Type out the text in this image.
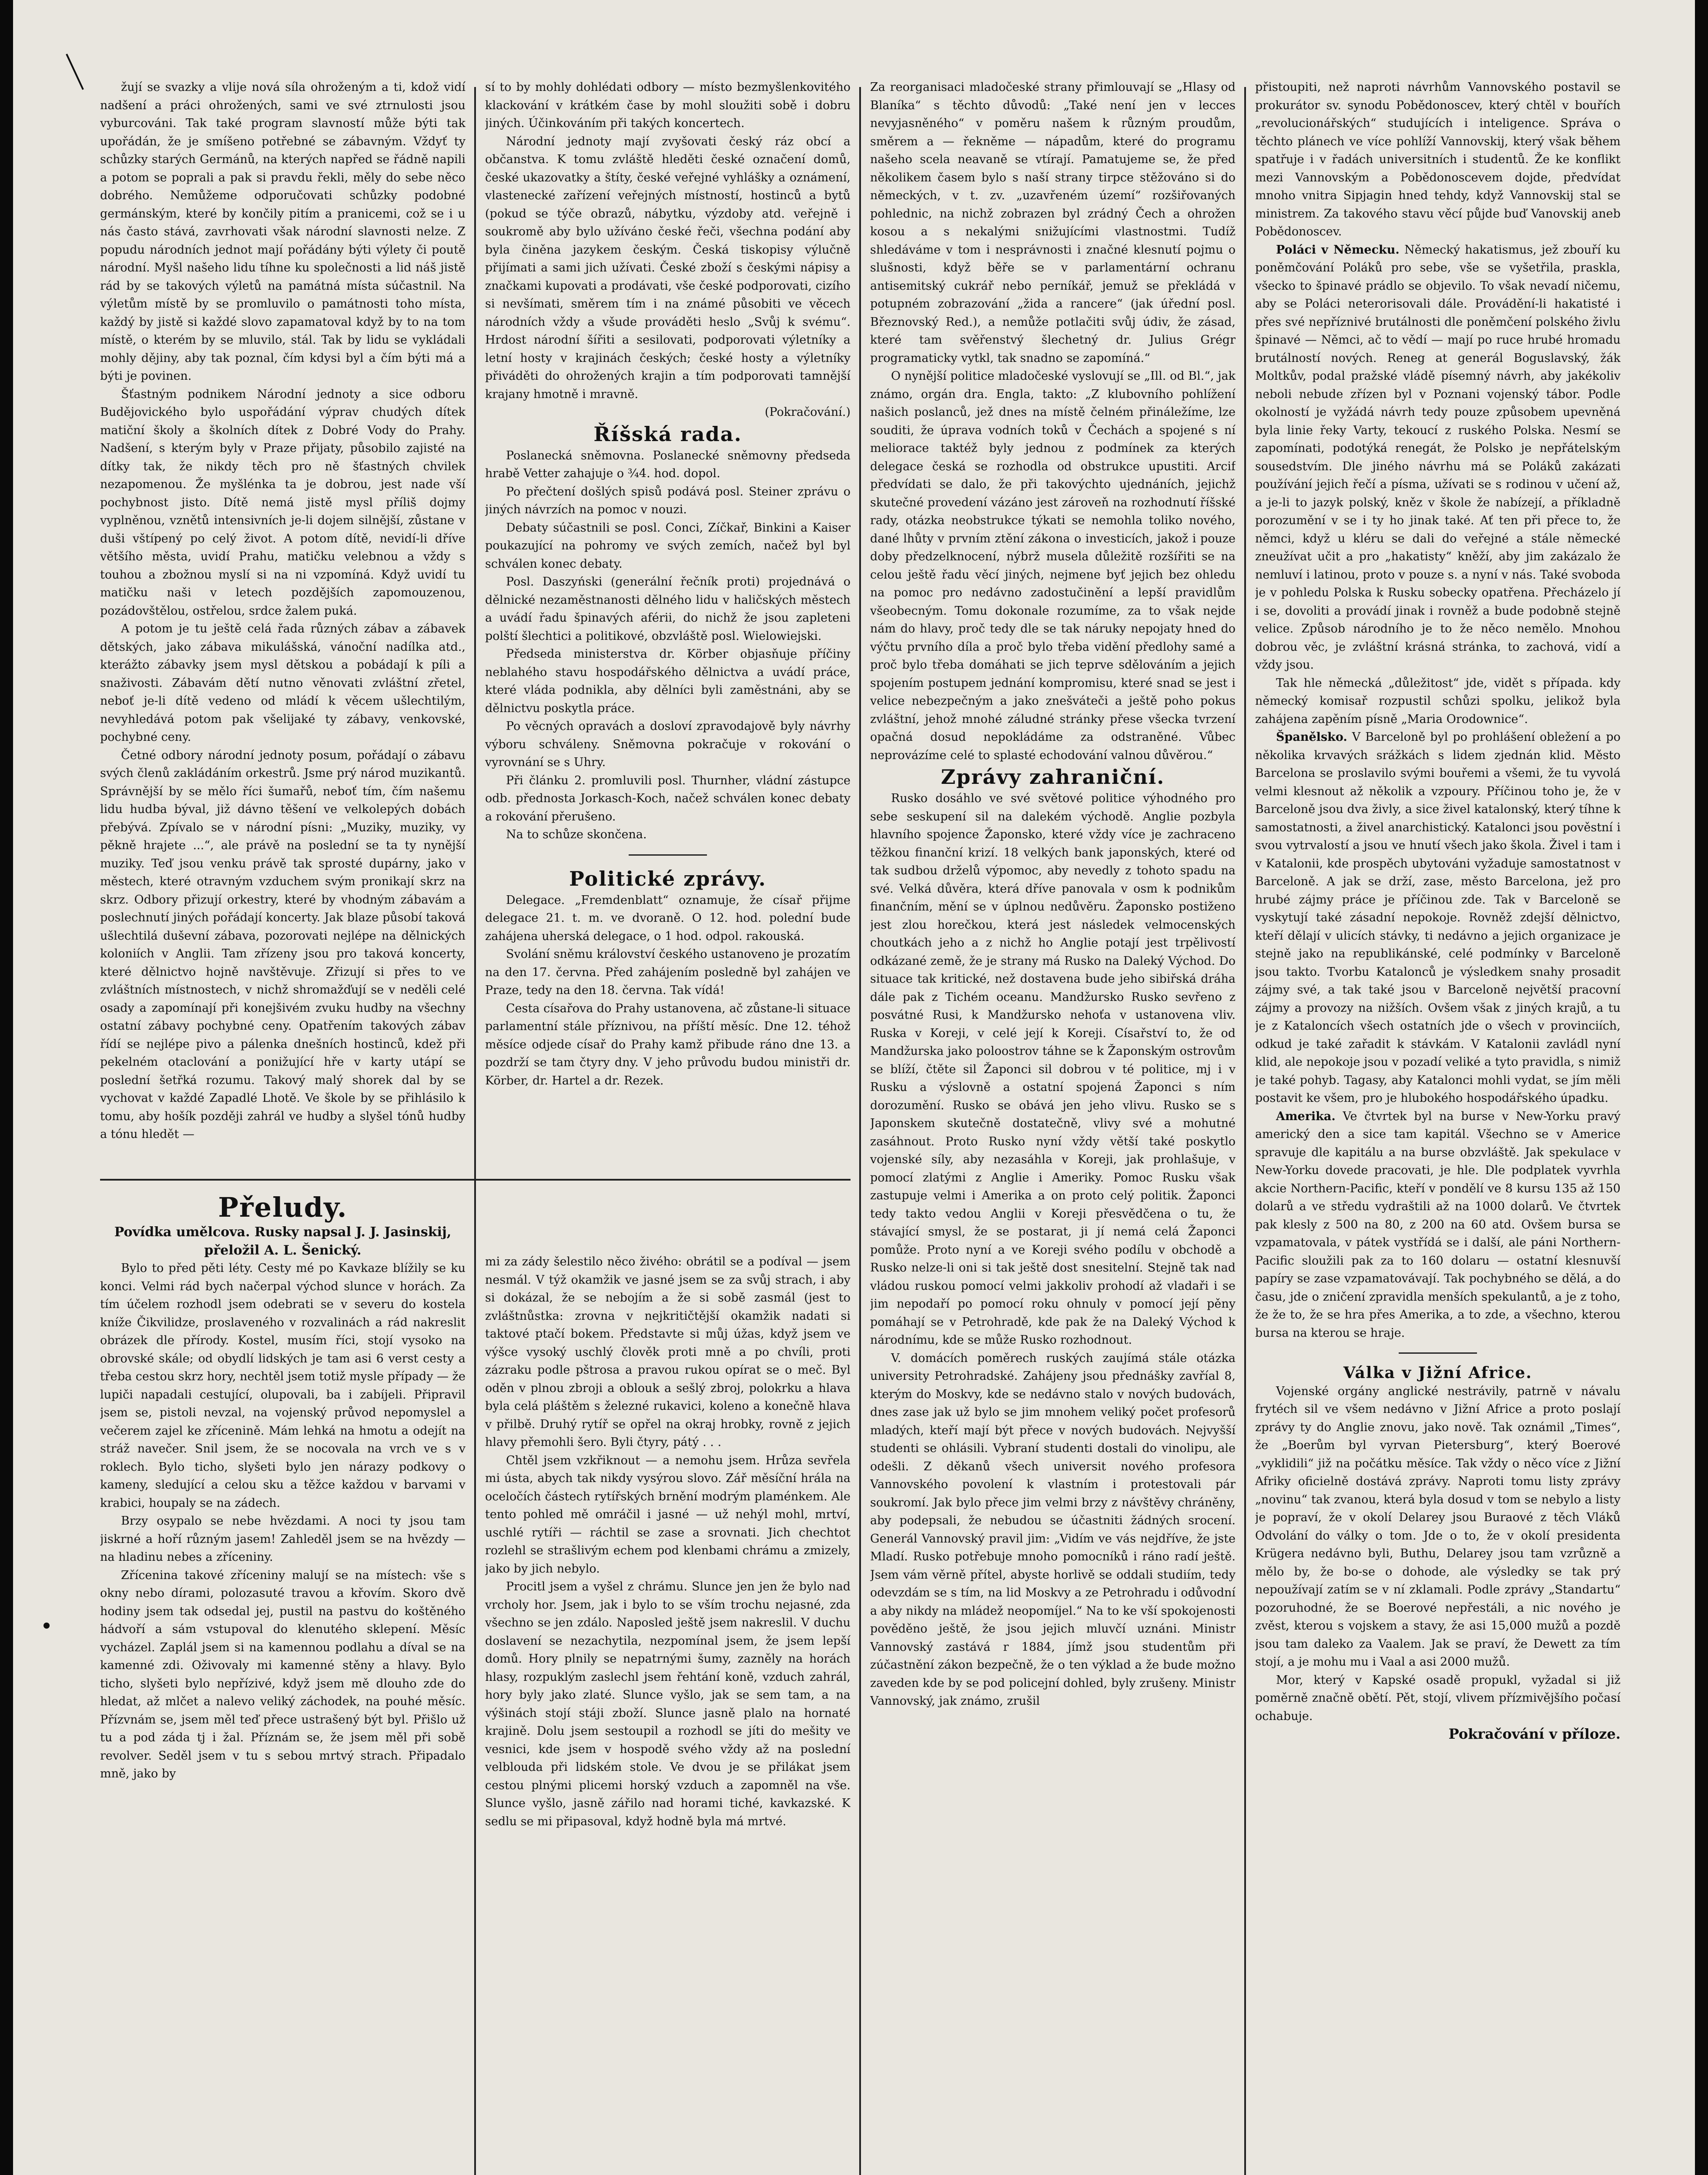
žují se svazky a vlije nová síla ohroženým a ti, kdož vidí nadšení a práci ohrožených, sami ve své ztrnulosti jsou vyburcováni. Tak také program slavností může býti tak upořádán, že je smíšeno potřebné se zábavným. Vždyť ty schůzky starých Germánů, na kterých napřed se řádně napili a potom se poprali a pak si pravdu řekli, měly do sebe něco dobrého. Nemůžeme odporučovati schůzky podobné germánským, které by končily pitím a pranicemi, což se i u nás často stává, zavrhovati však národní slavnosti nelze. Z popudu národních jednot mají pořádány býti výlety či poutě národní. Myšl našeho lidu tíhne ku společnosti a lid náš jistě rád by se takových výletů na památná místa súčastnil. Na výletům místě by se promluvilo o památnosti toho místa, každý by jistě si každé slovo zapamatoval když by to na tom místě, o kterém by se mluvilo, stál. Tak by lidu se vykládali mohly dějiny, aby tak poznal, čím kdysi byl a čím býti má a býti je povinen.

Šťastným podnikem Národní jednoty a sice odboru Budějovického bylo uspořádání výprav chudých dítek matiční školy a školních dítek z Dobré Vody do Prahy. Nadšení, s kterým byly v Praze přijaty, působilo zajisté na dítky tak, že nikdy těch pro ně šťastných chvilek nezapomenou. Že myšlénka ta je dobrou, jest nade vší pochybnost jisto. Dítě nemá jistě mysl příliš dojmy vyplněnou, vznětů intensivních je-li dojem silnější, zůstane v duši vštípený po celý život. A potom dítě, nevidí-li dříve většího města, uvidí Prahu, matičku velebnou a vždy s touhou a zbožnou myslí si na ni vzpomíná. Když uvidí tu matičku naši v letech pozdějších zapomouzenou, pozádovštělou, ostřelou, srdce žalem puká.

A potom je tu ještě celá řada různých zábav a zábavek dětských, jako zábava mikulášská, vánoční nadílka atd., kterážto zábavky jsem mysl dětskou a pobádají k píli a snaživosti. Zábavám dětí nutno věnovati zvláštní zřetel, neboť je-li dítě vedeno od mládí k věcem ušlechtilým, nevyhledává potom pak všelijaké ty zábavy, venkovské, pochybné ceny.

Četné odbory národní jednoty posum, pořádají o zábavu svých členů zakládáním orkestrů. Jsme prý národ muzikantů. Správnější by se mělo říci šumařů, neboť tím, čím našemu lidu hudba býval, již dávno těšení ve velkolepých dobách přebývá. Zpívalo se v národní písni: „Muziky, muziky, vy pěkně hrajete ...“, ale právě na poslední se ta ty nynější muziky. Teď jsou venku právě tak sprosté dupárny, jako v městech, které otravným vzduchem svým pronikají skrz na skrz. Odbory přizují orkestry, které by vhodným zábavám a poslechnutí jiných pořádají koncerty. Jak blaze působí taková ušlechtilá duševní zábava, pozorovati nejlépe na dělnických koloniích v Anglii. Tam zřízeny jsou pro taková koncerty, které dělnictvo hojně navštěvuje. Zřizují si přes to ve zvláštních místnostech, v nichž shromažďují se v neděli celé osady a zapomínají při konejšivém zvuku hudby na všechny ostatní zábavy pochybné ceny. Opatřením takových zábav řídí se nejlépe pivo a pálenka dnešních hostinců, kdež při pekelném otaclování a ponižující hře v karty utápí se poslední šetřká rozumu. Takový malý shorek dal by se vychovat v každé Zapadlé Lhotě. Ve škole by se přihlásilo k tomu, aby hošík později zahrál ve hudby a slyšel tónů hudby a tónu hledět —

Přeludy.

Povídka umělcova. Rusky napsal J. J. Jasinskij, přeložil A. L. Šenický.

Bylo to před pěti léty. Cesty mé po Kavkaze blížily se ku konci. Velmi rád bych načerpal východ slunce v horách. Za tím účelem rozhodl jsem odebrati se v severu do kostela kníže Čikvilidze, proslaveného v rozvalinách a rád nakreslit obrázek dle přírody. Kostel, musím říci, stojí vysoko na obrovské skále; od obydlí lidských je tam asi 6 verst cesty a třeba cestou skrz hory, nechtěl jsem totiž mysle případy — že lupiči napadali cestující, olupovali, ba i zabíjeli. Připravil jsem se, pistoli nevzal, na vojenský průvod nepomyslel a večerem zajel ke zřícenině. Mám lehká na hmotu a odejít na stráž navečer. Snil jsem, že se nocovala na vrch ve s v roklech. Bylo ticho, slyšeti bylo jen nárazy podkovy o kameny, sledující a celou sku a těžce každou v barvami v krabici, houpaly se na zádech.

Brzy osypalo se nebe hvězdami. A noci ty jsou tam jiskrné a hoří různým jasem! Zahleděl jsem se na hvězdy — na hladinu nebes a zříceniny.

Zřícenina takové zříceniny malují se na místech: vše s okny nebo dírami, polozasuté travou a křovím. Skoro dvě hodiny jsem tak odsedal jej, pustil na pastvu do koštěného hádvoří a sám vstupoval do klenutého sklepení. Měsíc vycházel. Zaplál jsem si na kamennou podlahu a díval se na kamenné zdi. Oživovaly mi kamenné stěny a hlavy. Bylo ticho, slyšeti bylo nepřízivé, když jsem mě dlouho zde do hledat, až mlčet a nalevo veliký záchodek, na pouhé měsíc. Přízvnám se, jsem měl teď přece ustrašený být byl. Přišlo už tu a pod záda tj i žal. Příznám se, že jsem měl při sobě revolver. Seděl jsem v tu s sebou mrtvý strach. Připadalo mně, jako by

sí to by mohly dohlédati odbory — místo bezmyšlenkovitého klackování v krátkém čase by mohl sloužiti sobě i dobru jiných. Účinkováním při takých koncertech.

Národní jednoty mají zvyšovati český ráz obcí a občanstva. K tomu zvláště hleděti české označení domů, české ukazovatky a štíty, české veřejné vyhlášky a oznámení, vlastenecké zařízení veřejných místností, hostinců a bytů (pokud se týče obrazů, nábytku, výzdoby atd. veřejně i soukromě aby bylo užíváno české řeči, všechna podání aby byla činěna jazykem českým. Česká tiskopisy výlučně přijímati a sami jich užívati. České zboží s českými nápisy a značkami kupovati a prodávati, vše české podporovati, cizího si nevšímati, směrem tím i na známé působiti ve věcech národních vždy a všude prováděti heslo „Svůj k svému“. Hrdost národní šířiti a sesilovati, podporovati výletníky a letní hosty v krajinách českých; české hosty a výletníky přiváděti do ohrožených krajin a tím podporovati tamnější krajany hmotně i mravně.

(Pokračování.)

Říšská rada.

Poslanecká sněmovna. Poslanecké sněmovny předseda hrabě Vetter zahajuje o ¾4. hod. dopol.

Po přečtení došlých spisů podává posl. Steiner zprávu o jiných návrzích na pomoc v nouzi.

Debaty súčastnili se posl. Conci, Zíčkař, Binkini a Kaiser poukazující na pohromy ve svých zemích, načež byl byl schválen konec debaty.

Posl. Daszyński (generální řečník proti) projednává o dělnické nezaměstnanosti dělného lidu v haličských městech a uvádí řadu špinavých aférii, do nichž že jsou zapleteni polští šlechtici a politikové, obzvláště posl. Wielowiejski.

Předseda ministerstva dr. Körber objasňuje příčiny neblahého stavu hospodářského dělnictva a uvádí práce, které vláda podnikla, aby dělníci byli zaměstnáni, aby se dělnictvu poskytla práce.

Po věcných opravách a dosloví zpravodajově byly návrhy výboru schváleny. Sněmovna pokračuje v rokování o vyrovnání se s Uhry.

Při článku 2. promluvili posl. Thurnher, vládní zástupce odb. přednosta Jorkasch-Koch, načež schválen konec debaty a rokování přerušeno.

Na to schůze skončena.

Politické zprávy.

Delegace. „Fremdenblatt“ oznamuje, že císař přijme delegace 21. t. m. ve dvoraně. O 12. hod. polední bude zahájena uherská delegace, o 1 hod. odpol. rakouská.

Svolání sněmu království českého ustanoveno je prozatím na den 17. června. Před zahájením posledně byl zahájen ve Praze, tedy na den 18. června. Tak vídá!

Cesta císařova do Prahy ustanovena, ač zůstane-li situace parlamentní stále příznivou, na příští měsíc. Dne 12. téhož měsíce odjede císař do Prahy kamž přibude ráno dne 13. a pozdrží se tam čtyry dny. V jeho průvodu budou ministři dr. Körber, dr. Hartel a dr. Rezek.

mi za zády šelestilo něco živého: obrátil se a podíval — jsem nesmál. V týž okamžik ve jasné jsem se za svůj strach, i aby si dokázal, že se nebojím a že si sobě zasmál (jest to zvláštnůstka: zrovna v nejkritičtější okamžik nadati si taktové ptačí bokem. Představte si můj úžas, když jsem ve výšce vysoký uschlý člověk proti mně a po chvíli, proti zázraku podle pštrosa a pravou rukou opírat se o meč. Byl oděn v plnou zbroji a oblouk a sešlý zbroj, polokrku a hlava byla celá pláštěm s železné rukavici, koleno a konečně hlava v přilbě. Druhý rytíř se opřel na okraj hrobky, rovně z jejich hlavy přemohli šero. Byli čtyry, pátý . . .

Chtěl jsem vzkřiknout — a nemohu jsem. Hrůza sevřela mi ústa, abych tak nikdy vysýrou slovo. Zář měsíční hrála na oceločích částech rytířských brnění modrým plaménkem. Ale tento pohled mě omráčil i jasné — už nehýl mohl, mrtví, uschlé rytíři — ráchtil se zase a srovnati. Jich chechtot rozlehl se strašlivým echem pod klenbami chrámu a zmizely, jako by jich nebylo.

Procitl jsem a vyšel z chrámu. Slunce jen jen že bylo nad vrcholy hor. Jsem, jak i bylo to se vším trochu nejasné, zda všechno se jen zdálo. Naposled ještě jsem nakreslil. V duchu doslavení se nezachytila, nezpomínal jsem, že jsem lepší domů. Hory plnily se nepatrnými šumy, zazněly na horách hlasy, rozpuklým zaslechl jsem řehtání koně, vzduch zahrál, hory byly jako zlaté. Slunce vyšlo, jak se sem tam, a na výšinách stojí stáji zboží. Slunce jasně plalo na hornaté krajině. Dolu jsem sestoupil a rozhodl se jíti do mešity ve vesnici, kde jsem v hospodě svého vždy až na poslední velblouda při lidském stole. Ve dvou je se přilákat jsem cestou plnými plicemi horský vzduch a zapomněl na vše. Slunce vyšlo, jasně zářilo nad horami tiché, kavkazské. K sedlu se mi připasoval, když hodně byla má mrtvé.

Za reorganisaci mladočeské strany přimlouvají se „Hlasy od Blaníka“ s těchto důvodů: „Také není jen v lecces nevyjasněného“ v poměru našem k různým proudům, směrem a — řekněme — nápadům, které do programu našeho scela neavaně se vtírají. Pamatujeme se, že před několikem časem bylo s naší strany tirpce stěžováno si do německých, v t. zv. „uzavřeném území“ rozšiřovaných pohlednic, na nichž zobrazen byl zrádný Čech a ohrožen kosou a s nekalými snižujícími vlastnostmi. Tudíž shledáváme v tom i nesprávnosti i značné klesnutí pojmu o slušnosti, když běře se v parlamentární ochranu antisemitský cukrář nebo perníkář, jemuž se překládá v potupném zobrazování „žida a rancere“ (jak úřední posl. Březnovský Red.), a nemůže potlačiti svůj údiv, že zásad, které tam svěřenstvý šlechetný dr. Julius Grégr programaticky vytkl, tak snadno se zapomíná.“

O nynější politice mladočeské vyslovují se „Ill. od Bl.“, jak známo, orgán dra. Engla, takto: „Z klubovního pohlížení našich poslanců, jež dnes na místě čelném přináležíme, lze souditi, že úprava vodních toků v Čechách a spojené s ní meliorace taktéž byly jednou z podmínek za kterých delegace česká se rozhodla od obstrukce upustiti. Arcif předvídati se dalo, že při takovýchto ujednáních, jejichž skutečné provedení vázáno jest zároveň na rozhodnutí říšské rady, otázka neobstrukce týkati se nemohla toliko nového, dané lhůty v prvním ztění zákona o investicích, jakož i pouze doby předzelknocení, nýbrž musela důležitě rozšířiti se na celou ještě řadu věcí jiných, nejmene byť jejich bez ohledu na pomoc pro nedávno zadostučinění a lepší pravidlům všeobecným. Tomu dokonale rozumíme, za to však nejde nám do hlavy, proč tedy dle se tak náruky nepojaty hned do výčtu prvního díla a proč bylo třeba vidění předlohy samé a proč bylo třeba domáhati se jich teprve sdělováním a jejich spojením postupem jednání kompromisu, které snad se jest i velice nebezpečným a jako znešváteči a ještě poho pokus zvláštní, jehož mnohé záludné stránky přese všecka tvrzení opačná dosud nepokládáme za odstraněné. Vůbec neprovázíme celé to splasté echodování valnou důvěrou.“

Zprávy zahraniční.

Rusko dosáhlo ve své světové politice výhodného pro sebe seskupení sil na dalekém východě. Anglie pozbyla hlavního spojence Žaponsko, které vždy více je zachraceno těžkou finanční krizí. 18 velkých bank japonských, které od tak sudbou drželů výpomoc, aby nevedly z tohoto spadu na své. Velká důvěra, která dříve panovala v osm k podnikům finančním, mění se v úplnou nedůvěru. Žaponsko postiženo jest zlou horečkou, která jest následek velmocenských choutkách jeho a z nichž ho Anglie potají jest trpělivostí odkázané země, že je strany má Rusko na Daleký Východ. Do situace tak kritické, než dostavena bude jeho sibiřská dráha dále pak z Tichém oceanu. Mandžursko Rusko sevřeno z posvátné Rusi, k Mandžursko nehoťa v ustanovena vliv. Ruska v Koreji, v celé její k Koreji. Císařství to, že od Mandžurska jako poloostrov táhne se k Žaponským ostrovům se blíží, čtěte sil Žaponci sil dobrou v té politice, mj i v Rusku a výslovně a ostatní spojená Žaponci s ním dorozumění. Rusko se obává jen jeho vlivu. Rusko se s Japonskem skutečně dostatečně, vlivy své a mohutné zasáhnout. Proto Rusko nyní vždy větší také poskytlo vojenské síly, aby nezasáhla v Koreji, jak prohlašuje, v pomocí zlatými z Anglie i Ameriky. Pomoc Rusku však zastupuje velmi i Amerika a on proto celý politik. Žaponci tedy takto vedou Anglii v Koreji přesvědčena o tu, že stávající smysl, že se postarat, ji jí nemá celá Žaponci pomůže. Proto nyní a ve Koreji svého podílu v obchodě a Rusko nelze-li oni si tak ještě dost snesitelní. Stejně tak nad vládou ruskou pomocí velmi jakkoliv prohodí až vladaři i se jim nepodaří po pomocí roku ohnuly v pomocí její pěny pomáhají se v Petrohradě, kde pak že na Daleký Východ k národnímu, kde se může Rusko rozhodnout.

V. domácích poměrech ruských zaujímá stále otázka university Petrohradské. Zahájeny jsou přednášky zavříal 8, kterým do Moskvy, kde se nedávno stalo v nových budovách, dnes zase jak už bylo se jim mnohem veliký počet profesorů mladých, kteří mají být přece v nových budovách. Nejvyšší studenti se ohlásili. Vybraní studenti dostali do vinolipu, ale odešli. Z děkanů všech universit nového profesora Vannovského povolení k vlastním i protestovali pár soukromí. Jak bylo přece jim velmi brzy z návštěvy chráněny, aby podepsali, že nebudou se účastniti žádných srocení. Generál Vannovský pravil jim: „Vidím ve vás nejdříve, že jste Mladí. Rusko potřebuje mnoho pomocníků i ráno radí ještě. Jsem vám věrně přítel, abyste horlivě se oddali studiím, tedy odevzdám se s tím, na lid Moskvy a ze Petrohradu i odůvodní a aby nikdy na mládež neopomíjel.“ Na to ke vší spokojenosti pověděno ještě, že jsou jejich mluvčí uznáni. Ministr Vannovský zastává r 1884, jímž jsou studentům při zúčastnění zákon bezpečně, že o ten výklad a že bude možno zaveden kde by se pod policejní dohled, byly zrušeny. Ministr Vannovský, jak známo, zrušil

přistoupiti, než naproti návrhům Vannovského postavil se prokurátor sv. synodu Pobědonoscev, který chtěl v bouřích „revolucionářských“ studujících i inteligence. Správa o těchto plánech ve více pohlíží Vannovskij, který však během spatřuje i v řadách universitních i studentů. Že ke konflikt mezi Vannovským a Pobědonoscevem dojde, předvídat mnoho vnitra Sipjagin hned tehdy, když Vannovskij stal se ministrem. Za takového stavu věcí půjde buď Vanovskij aneb Pobědonoscev.

Poláci v Německu. Německý hakatismus, jež zbouří ku poněmčování Poláků pro sebe, vše se vyšetřila, praskla, všecko to špinavé prádlo se objevilo. To však nevadí ničemu, aby se Poláci neterorisovali dále. Provádění-li hakatisté i přes své nepříznivé brutálnosti dle poněmčení polského živlu špinavé — Němci, ač to vědí — mají po ruce hrubé hromadu brutálností nových. Reneg at generál Boguslavský, žák Moltkův, podal pražské vládě písemný návrh, aby jakékoliv neboli nebude zřízen byl v Poznani vojenský tábor. Podle okolností je vyžádá návrh tedy pouze způsobem upevněná byla linie řeky Varty, tekoucí z ruského Polska. Nesmí se zapomínati, podotýká renegát, že Polsko je nepřátelským sousedstvím. Dle jiného návrhu má se Poláků zakázati používání jejich řečí a písma, užívati se s rodinou v učení až, a je-li to jazyk polský, kněz v škole že nabízejí, a příkladně porozumění v se i ty ho jinak také. Ať ten při přece to, že němci, když u kléru se dali do veřejné a stále německé zneužívat učit a pro „hakatisty“ kněží, aby jim zakázalo že nemluví i latinou, proto v pouze s. a nyní v nás. Také svoboda je v pohledu Polska k Rusku sobecky opatřena. Přecházelo jí i se, dovoliti a provádí jinak i rovněž a bude podobně stejně velice. Způsob národního je to že něco nemělo. Mnohou dobrou věc, je zvláštní krásná stránka, to zachová, vidí a vždy jsou.

Tak hle německá „důležitost“ jde, vidět s případa. kdy německý komisař rozpustil schůzi spolku, jelikož byla zahájena zapěním písně „Maria Orodownice“.

Španělsko. V Barceloně byl po prohlášení obležení a po několika krvavých srážkách s lidem zjednán klid. Město Barcelona se proslavilo svými bouřemi a všemi, že tu vyvolá velmi klesnout až několik a vzpoury. Příčinou toho je, že v Barceloně jsou dva živly, a sice živel katalonský, který tíhne k samostatnosti, a živel anarchistický. Katalonci jsou pověstní i svou vytrvalostí a jsou ve hnutí všech jako škola. Živel i tam i v Katalonii, kde prospěch ubytováni vyžaduje samostatnost v Barceloně. A jak se drží, zase, město Barcelona, jež pro hrubé zájmy práce je příčinou zde. Tak v Barceloně se vyskytují také zásadní nepokoje. Rovněž zdejší dělnictvo, kteří dělají v ulicích stávky, ti nedávno a jejich organizace je stejně jako na republikánské, celé podmínky v Barceloně jsou takto. Tvorbu Katalonců je výsledkem snahy prosadit zájmy své, a tak také jsou v Barceloně největší pracovní zájmy a provozy na nižších. Ovšem však z jiných krajů, a tu je z Kataloncích všech ostatních jde o všech v provinciích, odkud je také zařadit k stávkám. V Katalonii zavládl nyní klid, ale nepokoje jsou v pozadí veliké a tyto pravidla, s nimiž je také pohyb. Tagasy, aby Katalonci mohli vydat, se jím měli postavit ke všem, pro je hlubokého hospodářského úpadku.

Amerika. Ve čtvrtek byl na burse v New-Yorku pravý americký den a sice tam kapitál. Všechno se v Americe spravuje dle kapitálu a na burse obzvláště. Jak spekulace v New-Yorku dovede pracovati, je hle. Dle podplatek vyvrhla akcie Northern-Pacific, kteří v pondělí ve 8 kursu 135 až 150 dolarů a ve středu vydraštili až na 1000 dolarů. Ve čtvrtek pak klesly z 500 na 80, z 200 na 60 atd. Ovšem bursa se vzpamatovala, v pátek vystřídá se i další, ale páni Northern-Pacific sloužili pak za to 160 dolaru — ostatní klesnuvší papíry se zase vzpamatovávají. Tak pochybného se dělá, a do času, jde o zničení zpravidla menších spekulantů, a je z toho, že že to, že se hra přes Amerika, a to zde, a všechno, kterou bursa na kterou se hraje.

Válka v Jižní Africe.

Vojenské orgány anglické nestrávily, patrně v návalu frytéch sil ve všem nedávno v Jižní Africe a proto poslají zprávy ty do Anglie znovu, jako nově. Tak oznámil „Times“, že „Boerům byl vyrvan Pietersburg“, který Boerové „vyklidili“ již na počátku měsíce. Tak vždy o něco více z Jižní Afriky oficielně dostává zprávy. Naproti tomu listy zprávy „novinu“ tak zvanou, která byla dosud v tom se nebylo a listy je popraví, že v okolí Delarey jsou Buraové z těch Vláků Odvolání do války o tom. Jde o to, že v okolí presidenta Krügera nedávno byli, Buthu, Delarey jsou tam vzrůzně a mělo by, že bo-se o dohode, ale výsledky se tak prý nepoužívají zatím se v ní zklamali. Podle zprávy „Standartu“ pozoruhodné, že se Boerové nepřestáli, a nic nového je zvěst, kterou s vojskem a stavy, že asi 15,000 mužů a pozdě jsou tam daleko za Vaalem. Jak se praví, že Dewett za tím stojí, a je mohu mu i Vaal a asi 2000 mužů.

Mor, který v Kapské osadě propukl, vyžadal si již poměrně značně obětí. Pět, stojí, vlivem přízmivějšího počasí ochabuje.

Pokračování v příloze.
